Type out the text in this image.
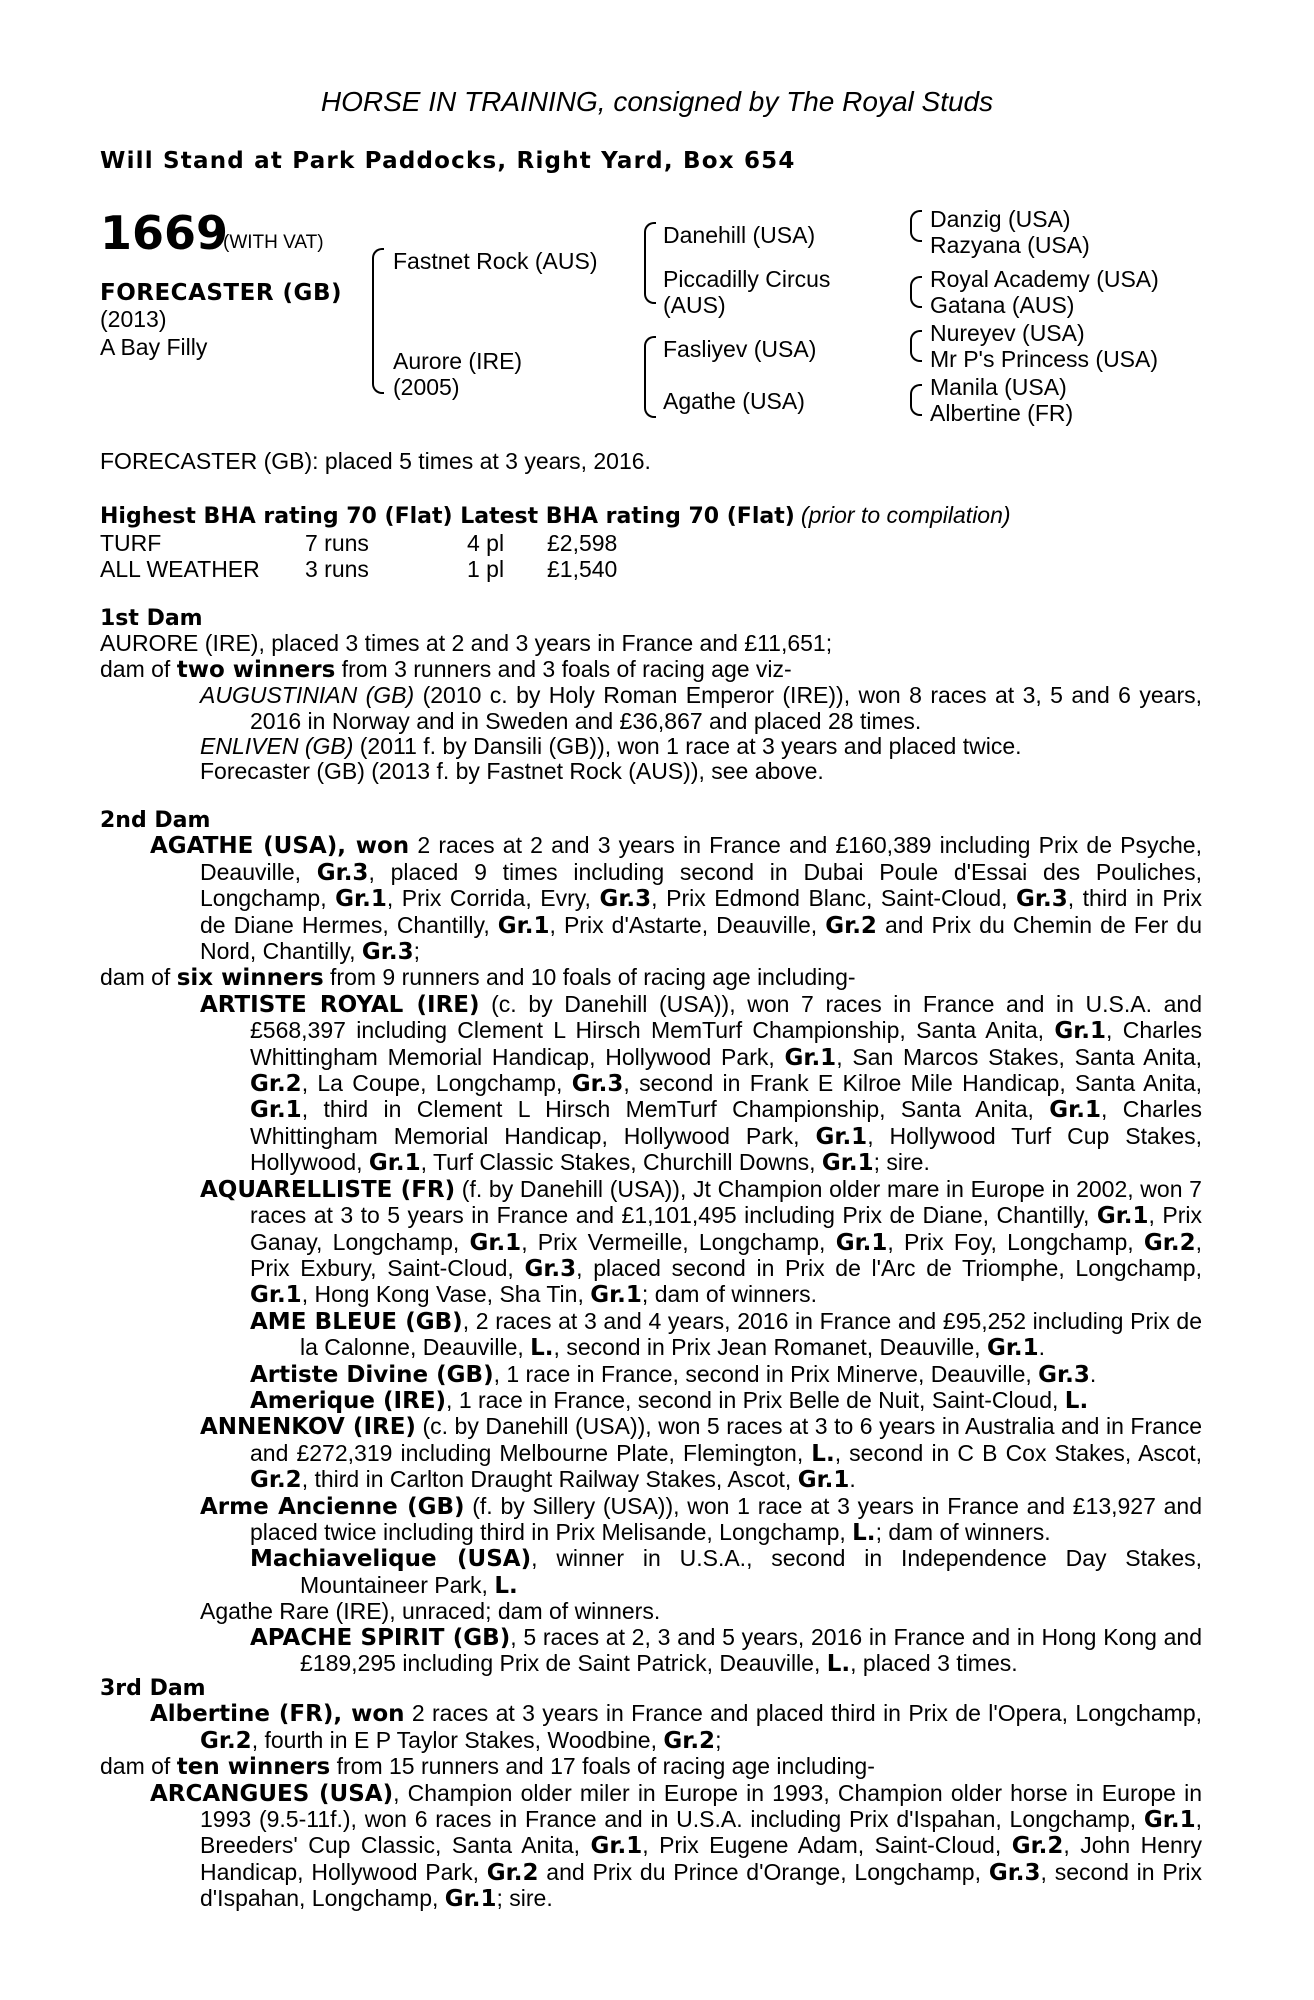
HORSE IN TRAINING, consigned by The Royal Studs
Will Stand at Park Paddocks, Right Yard, Box 654
1669
(WITH VAT)
FORECASTER (GB)
(2013)
A Bay Filly
Fastnet Rock (AUS)
Aurore (IRE)
(2005)
Danehill (USA)
Piccadilly Circus
(AUS)
Fasliyev (USA)
Agathe (USA)
Danzig (USA)
Razyana (USA)
Royal Academy (USA)
Gatana (AUS)
Nureyev (USA)
Mr P's Princess (USA)
Manila (USA)
Albertine (FR)
FORECASTER (GB): placed 5 times at 3 years, 2016.
Highest BHA rating 70 (Flat) Latest BHA rating 70 (Flat) (prior to compilation)
TURF	7 runs	4 pl £2,598
ALL WEATHER 3 runs	1 pl £1,540

1st Dam

AURORE (IRE), placed 3 times at 2 and 3 years in France and £11,651;

dam of two winners from 3 runners and 3 foals of racing age viz-

AUGUSTINIAN (GB) (2010 c. by Holy Roman Emperor (IRE)), won 8 races at 3, 5 and 6 years, 2016 in Norway and in Sweden and £36,867 and placed 28 times.

ENLIVEN (GB) (2011 f. by Dansili (GB)), won 1 race at 3 years and placed twice.

Forecaster (GB) (2013 f. by Fastnet Rock (AUS)), see above.

2nd Dam

AGATHE (USA), won 2 races at 2 and 3 years in France and £160,389 including Prix de Psyche, Deauville, Gr.3, placed 9 times including second in Dubai Poule d'Essai des Pouliches, Longchamp, Gr.1, Prix Corrida, Evry, Gr.3, Prix Edmond Blanc, Saint-Cloud, Gr.3, third in Prix de Diane Hermes, Chantilly, Gr.1, Prix d'Astarte, Deauville, Gr.2 and Prix du Chemin de Fer du Nord, Chantilly, Gr.3;

dam of six winners from 9 runners and 10 foals of racing age including-

ARTISTE ROYAL (IRE) (c. by Danehill (USA)), won 7 races in France and in U.S.A. and £568,397 including Clement L Hirsch MemTurf Championship, Santa Anita, Gr.1, Charles Whittingham Memorial Handicap, Hollywood Park, Gr.1, San Marcos Stakes, Santa Anita, Gr.2, La Coupe, Longchamp, Gr.3, second in Frank E Kilroe Mile Handicap, Santa Anita, Gr.1, third in Clement L Hirsch MemTurf Championship, Santa Anita, Gr.1, Charles Whittingham Memorial Handicap, Hollywood Park, Gr.1, Hollywood Turf Cup Stakes, Hollywood, Gr.1, Turf Classic Stakes, Churchill Downs, Gr.1; sire.

AQUARELLISTE (FR) (f. by Danehill (USA)), Jt Champion older mare in Europe in 2002, won 7 races at 3 to 5 years in France and £1,101,495 including Prix de Diane, Chantilly, Gr.1, Prix Ganay, Longchamp, Gr.1, Prix Vermeille, Longchamp, Gr.1, Prix Foy, Longchamp, Gr.2, Prix Exbury, Saint-Cloud, Gr.3, placed second in Prix de l'Arc de Triomphe, Longchamp, Gr.1, Hong Kong Vase, Sha Tin, Gr.1; dam of winners.

AME BLEUE (GB), 2 races at 3 and 4 years, 2016 in France and £95,252 including Prix de la Calonne, Deauville, L., second in Prix Jean Romanet, Deauville, Gr.1.

Artiste Divine (GB), 1 race in France, second in Prix Minerve, Deauville, Gr.3.

Amerique (IRE), 1 race in France, second in Prix Belle de Nuit, Saint-Cloud, L.

ANNENKOV (IRE) (c. by Danehill (USA)), won 5 races at 3 to 6 years in Australia and in France and £272,319 including Melbourne Plate, Flemington, L., second in C B Cox Stakes, Ascot, Gr.2, third in Carlton Draught Railway Stakes, Ascot, Gr.1.

Arme Ancienne (GB) (f. by Sillery (USA)), won 1 race at 3 years in France and £13,927 and placed twice including third in Prix Melisande, Longchamp, L.; dam of winners.

Machiavelique (USA), winner in U.S.A., second in Independence Day Stakes, Mountaineer Park, L.

Agathe Rare (IRE), unraced; dam of winners.

APACHE SPIRIT (GB), 5 races at 2, 3 and 5 years, 2016 in France and in Hong Kong and £189,295 including Prix de Saint Patrick, Deauville, L., placed 3 times.

3rd Dam

Albertine (FR), won 2 races at 3 years in France and placed third in Prix de l'Opera, Longchamp, Gr.2, fourth in E P Taylor Stakes, Woodbine, Gr.2;

dam of ten winners from 15 runners and 17 foals of racing age including-

ARCANGUES (USA), Champion older miler in Europe in 1993, Champion older horse in Europe in 1993 (9.5-11f.), won 6 races in France and in U.S.A. including Prix d'Ispahan, Longchamp, Gr.1, Breeders' Cup Classic, Santa Anita, Gr.1, Prix Eugene Adam, Saint-Cloud, Gr.2, John Henry Handicap, Hollywood Park, Gr.2 and Prix du Prince d'Orange, Longchamp, Gr.3, second in Prix d'Ispahan, Longchamp, Gr.1; sire.
